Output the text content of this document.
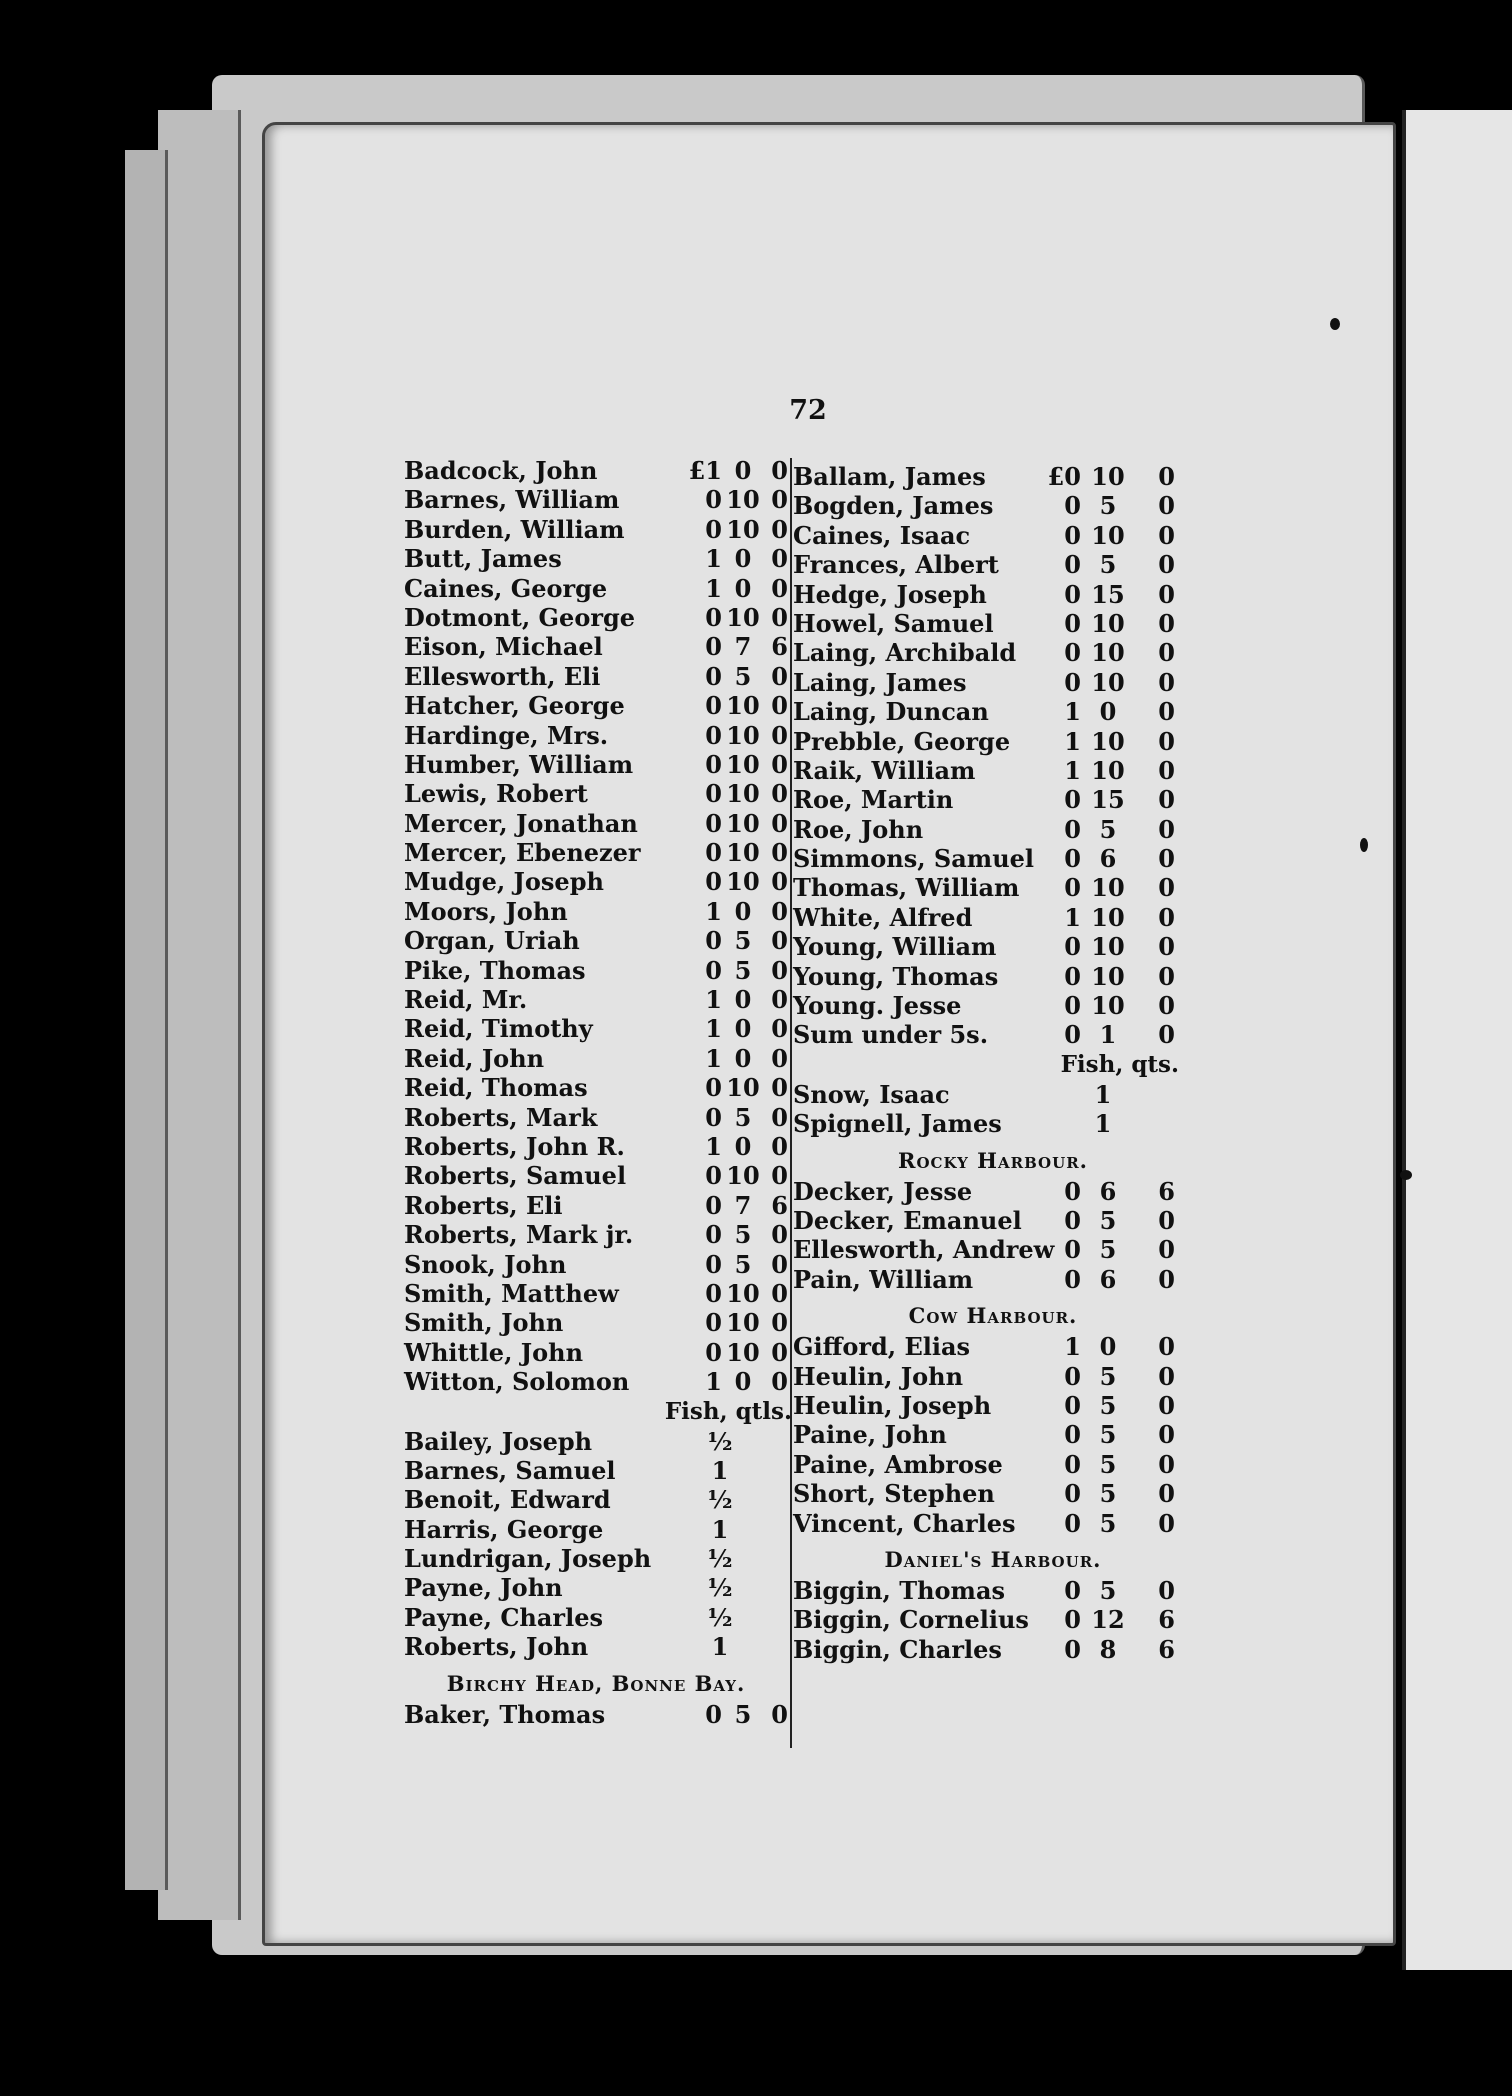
72
Badcock, John	£1 0 0
Barnes, William	0 10 0
Burden, William	0 10 0
Butt, James	1 0 0
Caines, George	1 0 0
Dotmont, George	0 10 0
Eison, Michael	0 7 6
Ellesworth, Eli	0 5 0
Hatcher, George	0 10 0
Hardinge, Mrs.	0 10 0
Humber, William	0 10 0
Lewis, Robert	0 10 0
Mercer, Jonathan	0 10 0
Mercer, Ebenezer	0 10 0
Mudge, Joseph	0 10 0
Moors, John	1 0 0
Organ, Uriah	0 5 0
Pike, Thomas	0 5 0
Reid, Mr.	1 0 0
Reid, Timothy	1 0 0
Reid, John	1 0 0
Reid, Thomas	0 10 0
Roberts, Mark	0 5 0
Roberts, John R.	1 0 0
Roberts, Samuel	0 10 0
Roberts, Eli	0 7 6
Roberts, Mark jr.	0 5 0
Snook, John	0 5 0
Smith, Matthew	0 10 0
Smith, John	0 10 0
Whittle, John	0 10 0
Witton, Solomon	1 0 0
Fish, qtls.
Bailey, Joseph	½
Barnes, Samuel	1
Benoit, Edward	½
Harris, George	1
Lundrigan, Joseph	½
Payne, John	½
Payne, Charles	½
Roberts, John	1
Birchy Head, Bonne Bay.
Baker, Thomas	0 5 0
Ballam, James	£0 10 0
Bogden, James	0 5	0
Caines, Isaac	0 10 0
Frances, Albert	0 5	0
Hedge, Joseph	0 15 0
Howel, Samuel	0 10 0
Laing, Archibald	0 10 0
Laing, James	0 10 0
Laing, Duncan	1 0	0
Prebble, George	1 10 0
Raik, William	1 10 0
Roe, Martin	0 15 0
Roe, John	0 5	0
Simmons, Samuel	0 6	0
Thomas, William	0 10 0
White, Alfred	1 10 0
Young, William	0 10 0
Young, Thomas	0 10 0
Young. Jesse	0 10 0
Sum under 5s.	0 1	0
Fish, qts.
Snow, Isaac	1
Spignell, James	1
Rocky Harbour.
Decker, Jesse	0 6	6
Decker, Emanuel	0 5	0
Ellesworth, Andrew 0 5	0
Pain, William	0 6	0
Cow Harbour.
Gifford, Elias	1 0	0
Heulin, John	0 5	0
Heulin, Joseph	0 5	0
Paine, John	0 5	0
Paine, Ambrose	0 5	0
Short, Stephen	0 5	0
Vincent, Charles	0 5	0
Daniel's Harbour.
Biggin, Thomas	0 5	0
Biggin, Cornelius	0 12 6
Biggin, Charles	0 8	6
